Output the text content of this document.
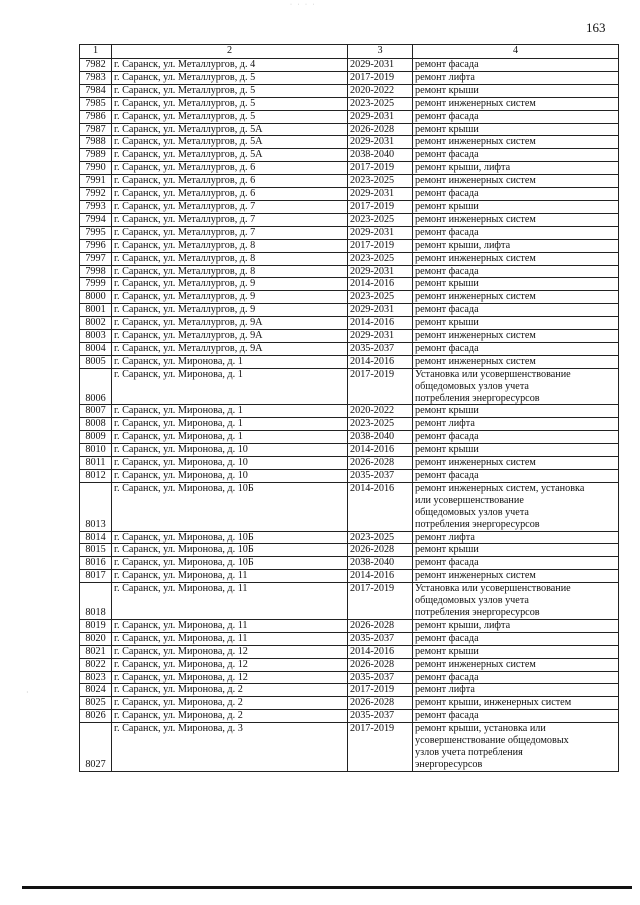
· · · ·
163
1	2	3	4
7982	г. Саранск, ул. Металлургов, д. 4	2029-2031	ремонт фасада
7983	г. Саранск, ул. Металлургов, д. 5	2017-2019	ремонт лифта
7984	г. Саранск, ул. Металлургов, д. 5	2020-2022	ремонт крыши
7985	г. Саранск, ул. Металлургов, д. 5	2023-2025	ремонт инженерных систем
7986	г. Саранск, ул. Металлургов, д. 5	2029-2031	ремонт фасада
7987	г. Саранск, ул. Металлургов, д. 5А	2026-2028	ремонт крыши
7988	г. Саранск, ул. Металлургов, д. 5А	2029-2031	ремонт инженерных систем
7989	г. Саранск, ул. Металлургов, д. 5А	2038-2040	ремонт фасада
7990	г. Саранск, ул. Металлургов, д. 6	2017-2019	ремонт крыши, лифта
7991	г. Саранск, ул. Металлургов, д. 6	2023-2025	ремонт инженерных систем
7992	г. Саранск, ул. Металлургов, д. 6	2029-2031	ремонт фасада
7993	г. Саранск, ул. Металлургов, д. 7	2017-2019	ремонт крыши
7994	г. Саранск, ул. Металлургов, д. 7	2023-2025	ремонт инженерных систем
7995	г. Саранск, ул. Металлургов, д. 7	2029-2031	ремонт фасада
7996	г. Саранск, ул. Металлургов, д. 8	2017-2019	ремонт крыши, лифта
7997	г. Саранск, ул. Металлургов, д. 8	2023-2025	ремонт инженерных систем
7998	г. Саранск, ул. Металлургов, д. 8	2029-2031	ремонт фасада
7999	г. Саранск, ул. Металлургов, д. 9	2014-2016	ремонт крыши
8000	г. Саранск, ул. Металлургов, д. 9	2023-2025	ремонт инженерных систем
8001	г. Саранск, ул. Металлургов, д. 9	2029-2031	ремонт фасада
8002	г. Саранск, ул. Металлургов, д. 9А	2014-2016	ремонт крыши
8003	г. Саранск, ул. Металлургов, д. 9А	2029-2031	ремонт инженерных систем
8004	г. Саранск, ул. Металлургов, д. 9А	2035-2037	ремонт фасада
8005	г. Саранск, ул. Миронова, д. 1	2014-2016	ремонт инженерных систем
8006	г. Саранск, ул. Миронова, д. 1	2017-2019	Установка или усовершенствование
общедомовых узлов учета
потребления энергоресурсов

8007	г. Саранск, ул. Миронова, д. 1	2020-2022	ремонт крыши
8008	г. Саранск, ул. Миронова, д. 1	2023-2025	ремонт лифта
8009	г. Саранск, ул. Миронова, д. 1	2038-2040	ремонт фасада
8010	г. Саранск, ул. Миронова, д. 10	2014-2016	ремонт крыши
8011	г. Саранск, ул. Миронова, д. 10	2026-2028	ремонт инженерных систем
8012	г. Саранск, ул. Миронова, д. 10	2035-2037	ремонт фасада
8013	г. Саранск, ул. Миронова, д. 10Б	2014-2016	ремонт инженерных систем, установка
или усовершенствование
общедомовых узлов учета
потребления энергоресурсов

8014	г. Саранск, ул. Миронова, д. 10Б	2023-2025	ремонт лифта
8015	г. Саранск, ул. Миронова, д. 10Б	2026-2028	ремонт крыши
8016	г. Саранск, ул. Миронова, д. 10Б	2038-2040	ремонт фасада
8017	г. Саранск, ул. Миронова, д. 11	2014-2016	ремонт инженерных систем
8018	г. Саранск, ул. Миронова, д. 11	2017-2019	Установка или усовершенствование
общедомовых узлов учета
потребления энергоресурсов

8019	г. Саранск, ул. Миронова, д. 11	2026-2028	ремонт крыши, лифта
8020	г. Саранск, ул. Миронова, д. 11	2035-2037	ремонт фасада
8021	г. Саранск, ул. Миронова, д. 12	2014-2016	ремонт крыши
8022	г. Саранск, ул. Миронова, д. 12	2026-2028	ремонт инженерных систем
8023	г. Саранск, ул. Миронова, д. 12	2035-2037	ремонт фасада
8024	г. Саранск, ул. Миронова, д. 2	2017-2019	ремонт лифта
8025	г. Саранск, ул. Миронова, д. 2	2026-2028	ремонт крыши, инженерных систем
8026	г. Саранск, ул. Миронова, д. 2	2035-2037	ремонт фасада
8027	г. Саранск, ул. Миронова, д. 3	2017-2019	ремонт крыши, установка или
усовершенствование общедомовых
узлов учета потребления
энергоресурсов
·
